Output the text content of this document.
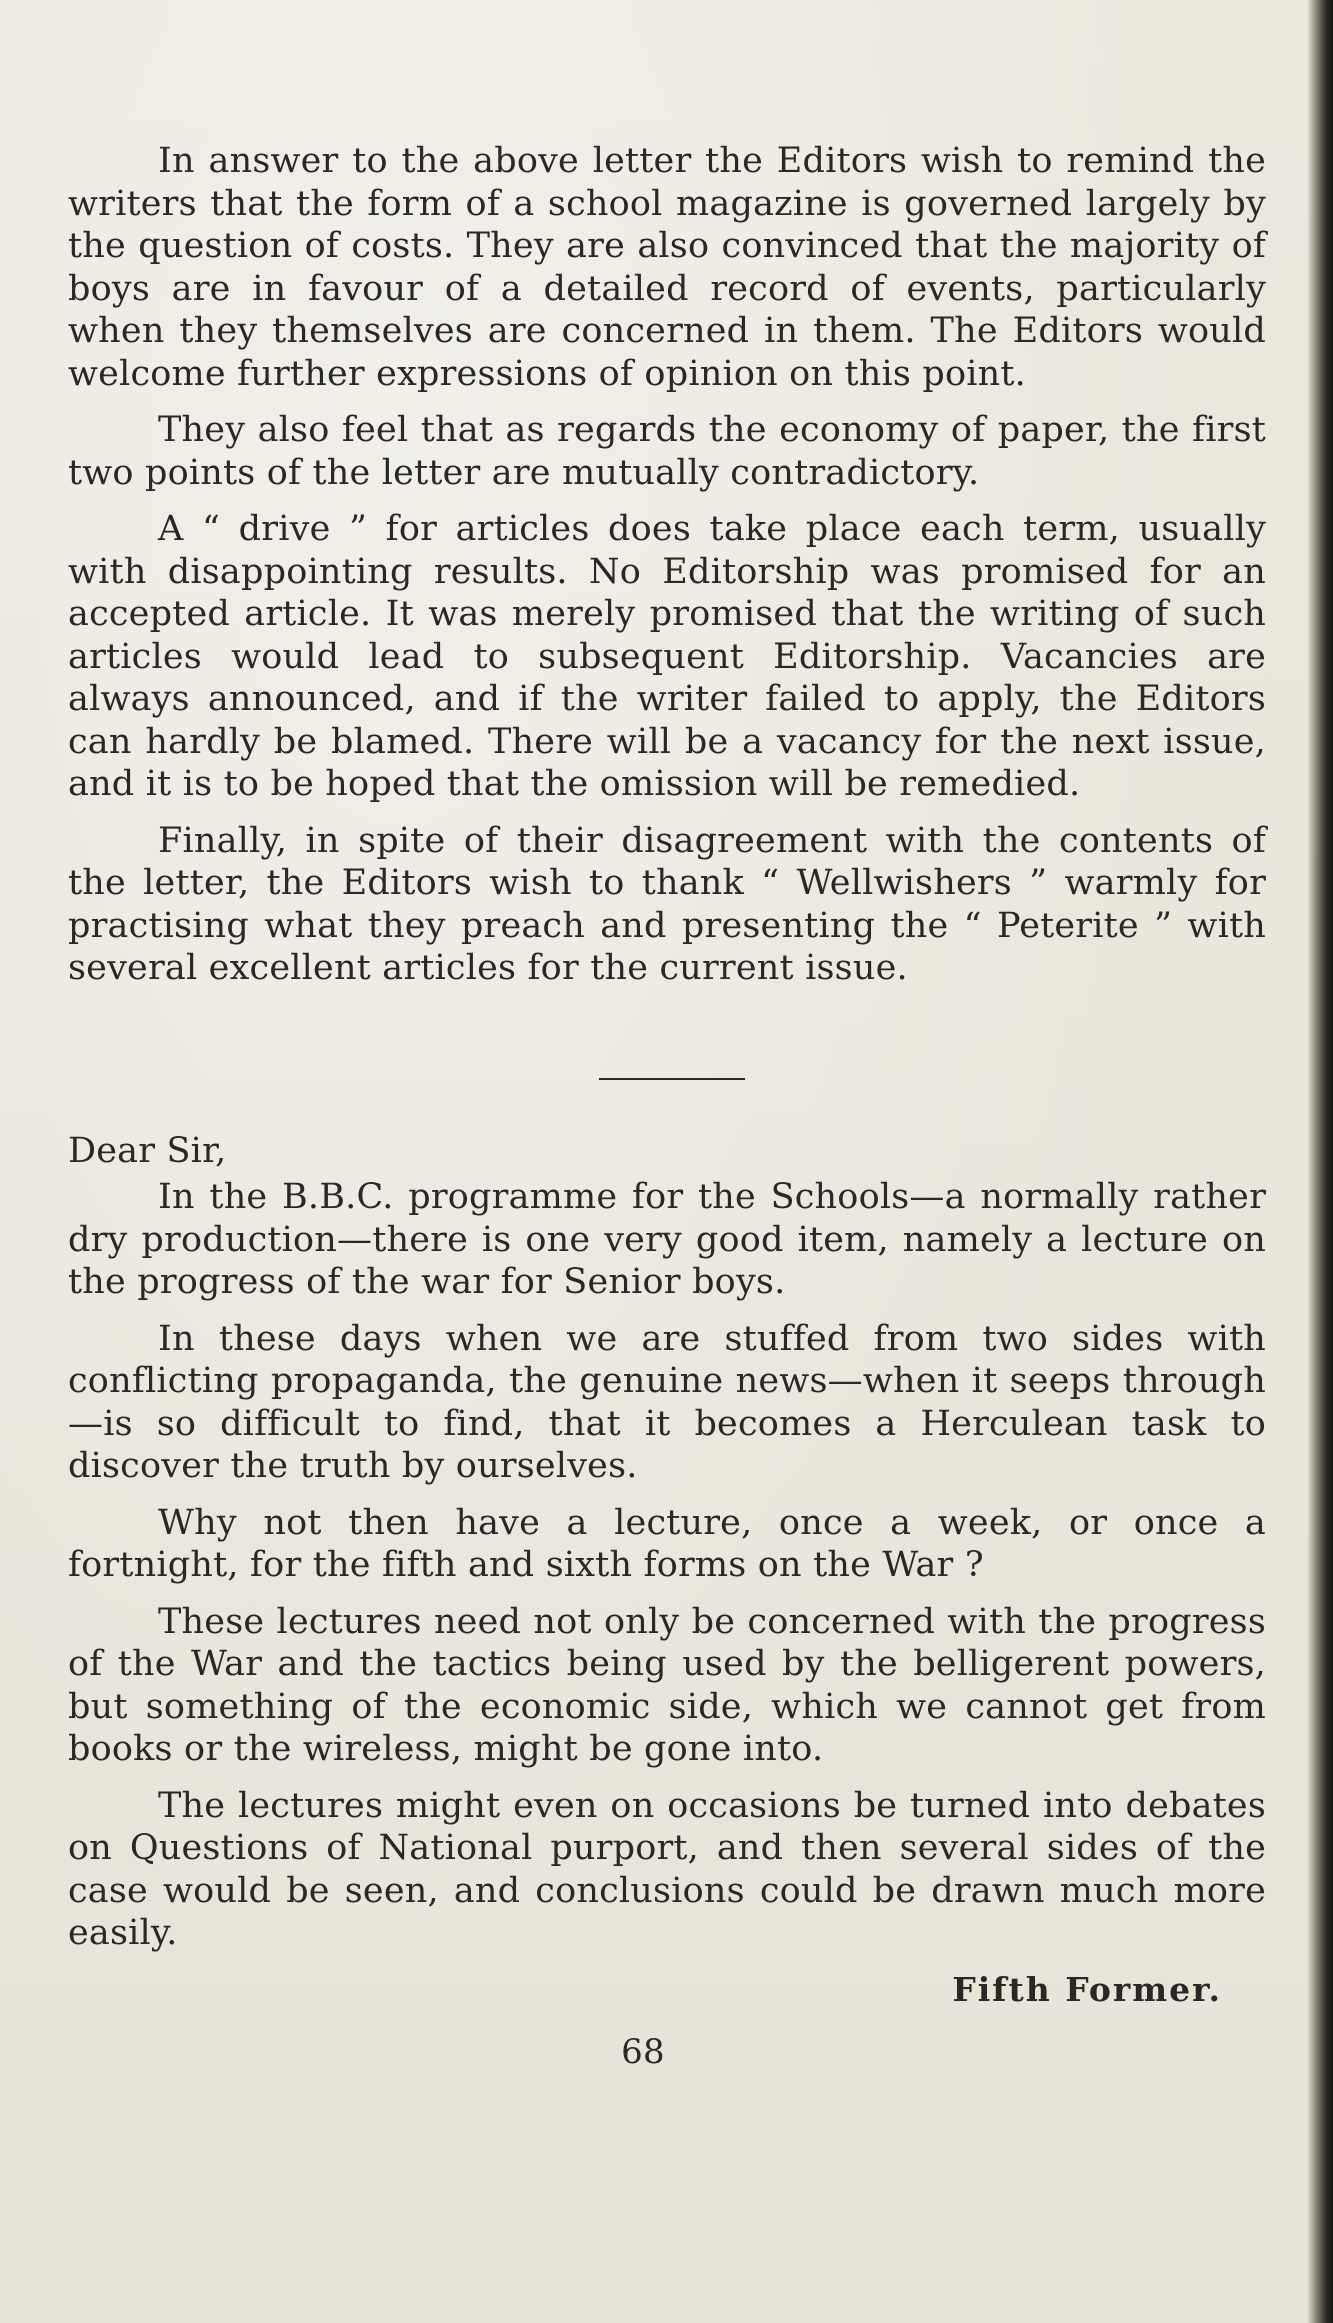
In answer to the above letter the Editors wish to remind the writers that the form of a school magazine is governed largely by the question of costs. They are also convinced that the majority of boys are in favour of a detailed record of events, particularly when they themselves are concerned in them. The Editors would welcome further expressions of opinion on this point.

They also feel that as regards the economy of paper, the first two points of the letter are mutually contradictory.

A “ drive ” for articles does take place each term, usually with disappointing results. No Editorship was promised for an accepted article. It was merely promised that the writing of such articles would lead to subsequent Editorship. Vacancies are always announced, and if the writer failed to apply, the Editors can hardly be blamed. There will be a vacancy for the next issue, and it is to be hoped that the omission will be remedied.

Finally, in spite of their disagreement with the contents of the letter, the Editors wish to thank “ Wellwishers ” warmly for practising what they preach and presenting the “ Peterite ” with several excellent articles for the current issue.

Dear Sir,

In the B.B.C. programme for the Schools—a normally rather dry production—there is one very good item, namely a lecture on the progress of the war for Senior boys.

In these days when we are stuffed from two sides with conflicting propaganda, the genuine news—when it seeps through—is so difficult to find, that it becomes a Herculean task to discover the truth by ourselves.

Why not then have a lecture, once a week, or once a fortnight, for the fifth and sixth forms on the War ?

These lectures need not only be concerned with the progress of the War and the tactics being used by the belligerent powers, but something of the economic side, which we cannot get from books or the wireless, might be gone into.

The lectures might even on occasions be turned into debates on Questions of National purport, and then several sides of the case would be seen, and conclusions could be drawn much more easily.

Fifth Former.

68
